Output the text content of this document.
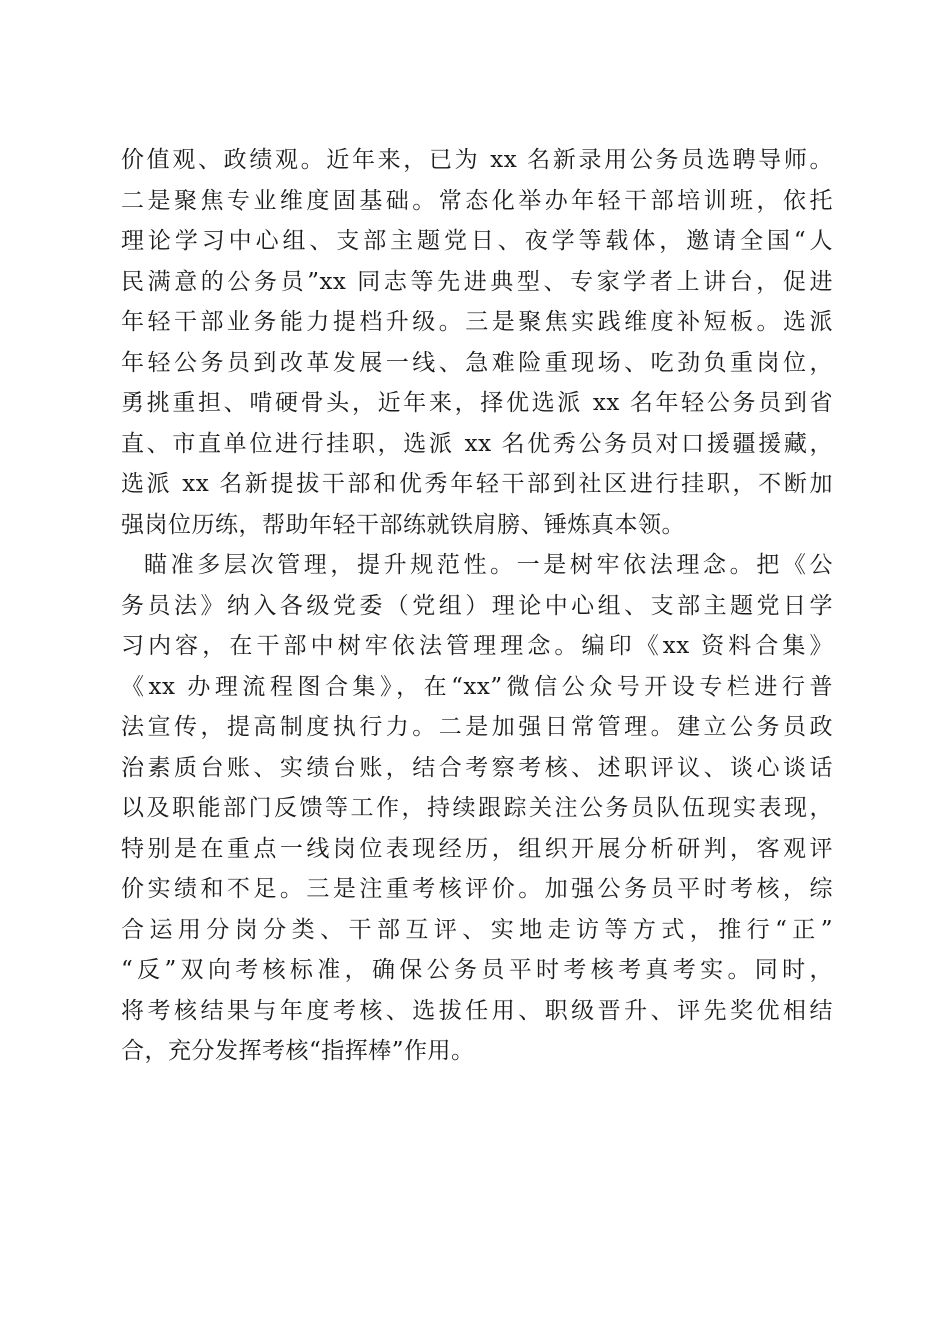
价值观、政绩观。近年来，已为 xx 名新录用公务员选聘导师。
二是聚焦专业维度固基础。常态化举办年轻干部培训班，依托
理论学习中心组、支部主题党日、夜学等载体，邀请全国“人
民满意的公务员”xx 同志等先进典型、专家学者上讲台，促进
年轻干部业务能力提档升级。三是聚焦实践维度补短板。选派
年轻公务员到改革发展一线、急难险重现场、吃劲负重岗位，
勇挑重担、啃硬骨头，近年来，择优选派 xx 名年轻公务员到省
直、市直单位进行挂职，选派 xx 名优秀公务员对口援疆援藏，
选派 xx 名新提拔干部和优秀年轻干部到社区进行挂职，不断加
强岗位历练，帮助年轻干部练就铁肩膀、锤炼真本领。
瞄准多层次管理，提升规范性。一是树牢依法理念。把《公
务员法》纳入各级党委（党组）理论中心组、支部主题党日学
习内容，在干部中树牢依法管理理念。编印《xx 资料合集》
《xx 办理流程图合集》，在“xx”微信公众号开设专栏进行普
法宣传，提高制度执行力。二是加强日常管理。建立公务员政
治素质台账、实绩台账，结合考察考核、述职评议、谈心谈话
以及职能部门反馈等工作，持续跟踪关注公务员队伍现实表现，
特别是在重点一线岗位表现经历，组织开展分析研判，客观评
价实绩和不足。三是注重考核评价。加强公务员平时考核，综
合运用分岗分类、干部互评、实地走访等方式，推行“正”
“反”双向考核标准，确保公务员平时考核考真考实。同时，
将考核结果与年度考核、选拔任用、职级晋升、评先奖优相结
合，充分发挥考核“指挥棒”作用。
